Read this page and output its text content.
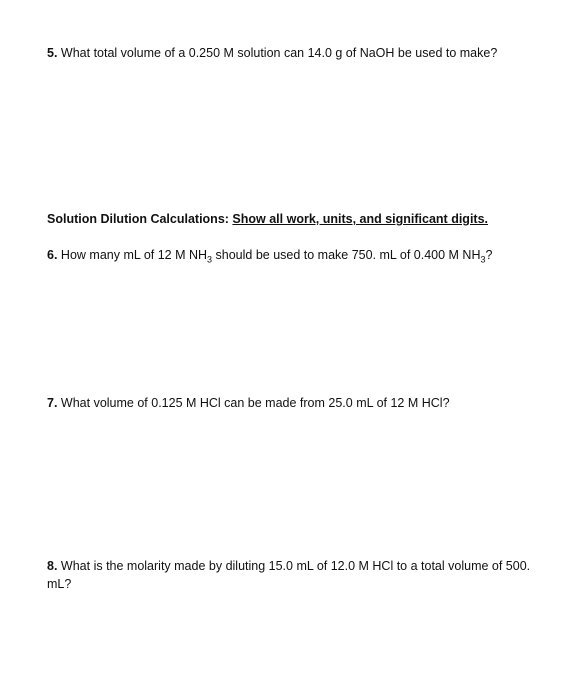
5. What total volume of a 0.250 M solution can 14.0 g of NaOH be used to make?
Solution Dilution Calculations: Show all work, units, and significant digits.
6. How many mL of 12 M $NH_3$ should be used to make 750. mL of 0.400 M $NH_3$?
7. What volume of 0.125 M HCl can be made from 25.0 mL of 12 M HCl?
8. What is the molarity made by diluting 15.0 mL of 12.0 M HCl to a total volume of 500. mL?
